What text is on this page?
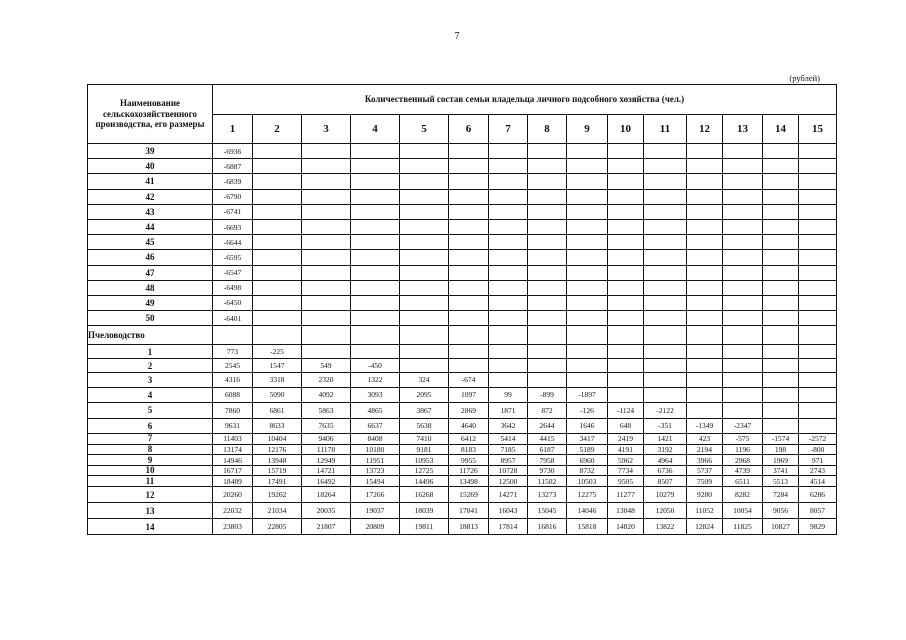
7
(рублей)
Наименование сельскохозяйственного производства, его размеры	Количественный состав семьи владельца личного подсобного хозяйства (чел.)														
	1	2	3	4	5	6	7	8	9	10	11	12	13	14	15
39	-6936														
40	-6887														
41	-6839														
42	-6790														
43	-6741														
44	-6693														
45	-6644														
46	-6595														
47	-6547														
48	-6498														
49	-6450														
50	-6401														
Пчеловодство															
1	773	-225													
2	2545	1547	549	-450											
3	4316	3318	2320	1322	324	-674									
4	6088	5090	4092	3093	2095	1097	99	-899	-1897						
5	7860	6861	5863	4865	3867	2869	1871	872	-126	-1124	-2122				
6	9631	8633	7635	6637	5638	4640	3642	2644	1646	648	-351	-1349	-2347		
7	11403	10404	9406	8408	7410	6412	5414	4415	3417	2419	1421	423	-575	-1574	-2572
8	13174	12176	11178	10180	9181	8183	7185	6187	5189	4191	3192	2194	1196	198	-800
9	14946	13948	12949	11951	10953	9955	8957	7958	6960	5962	4964	3966	2968	1969	971
10	16717	15719	14721	13723	12725	11726	10728	9730	8732	7734	6736	5737	4739	3741	2743
11	18489	17491	16492	15494	14496	13498	12500	11502	10503	9505	8507	7509	6511	5513	4514
12	20260	19262	18264	17266	16268	15269	14271	13273	12275	11277	10279	9280	8282	7284	6286
13	22032	21034	20035	19037	18039	17041	16043	15045	14046	13048	12050	11052	10054	9056	8057
14	23803	22805	21807	20809	19811	18813	17814	16816	15818	14820	13822	12824	11825	10827	9829
